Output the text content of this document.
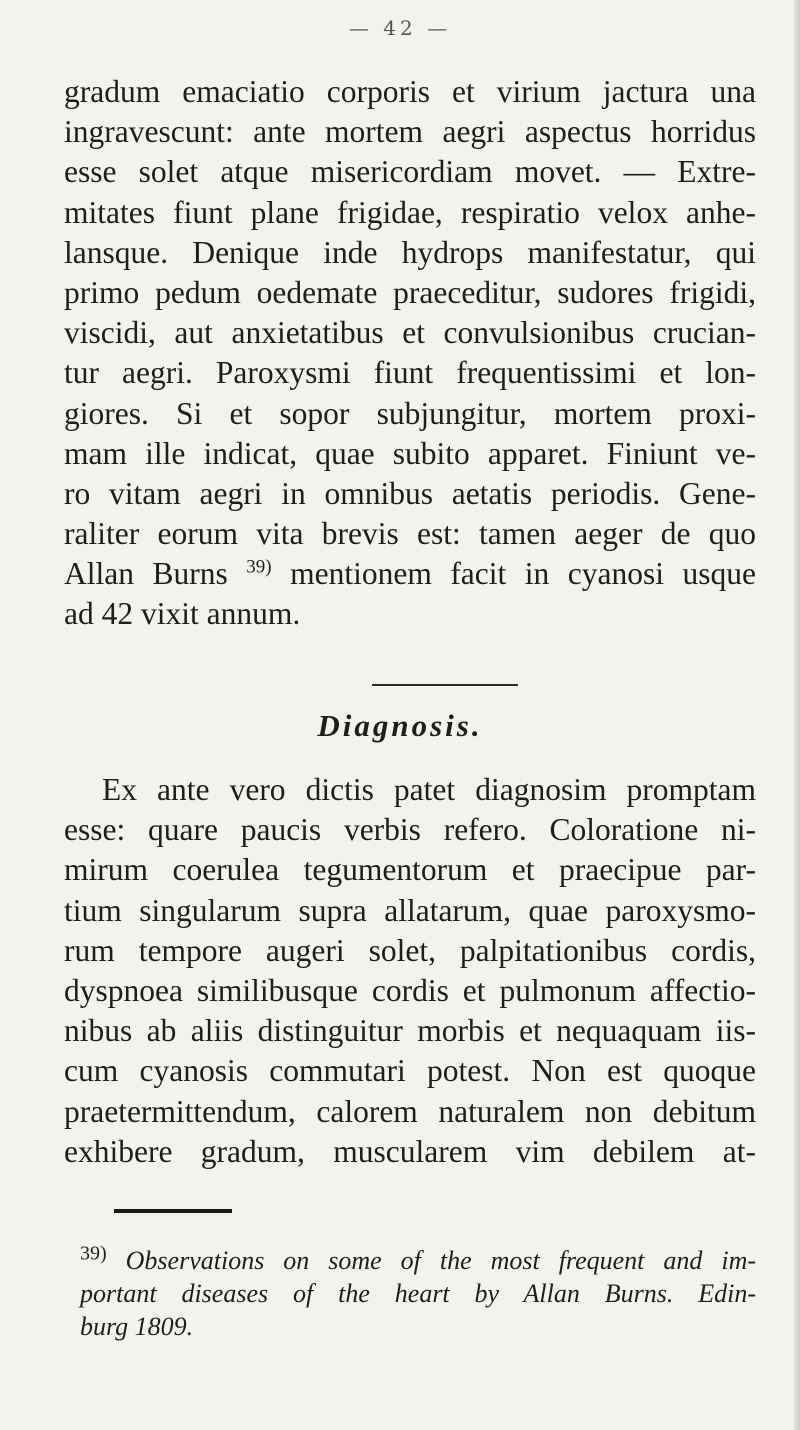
— 42 —
gradum emaciatio corporis et virium jactura una
ingravescunt: ante mortem aegri aspectus horridus
esse solet atque misericordiam movet. — Extre-
mitates fiunt plane frigidae, respiratio velox anhe-
lansque. Denique inde hydrops manifestatur, qui
primo pedum oedemate praeceditur, sudores frigidi,
viscidi, aut anxietatibus et convulsionibus crucian-
tur aegri. Paroxysmi fiunt frequentissimi et lon-
giores. Si et sopor subjungitur, mortem proxi-
mam ille indicat, quae subito apparet. Finiunt ve-
ro vitam aegri in omnibus aetatis periodis. Gene-
raliter eorum vita brevis est: tamen aeger de quo
Allan Burns $^{39)}$ mentionem facit in cyanosi usque
ad 42 vixit annum.
Diagnosis.
Ex ante vero dictis patet diagnosim promptam
esse: quare paucis verbis refero. Coloratione ni-
mirum coerulea tegumentorum et praecipue par-
tium singularum supra allatarum, quae paroxysmo-
rum tempore augeri solet, palpitationibus cordis,
dyspnoea similibusque cordis et pulmonum affectio-
nibus ab aliis distinguitur morbis et nequaquam iis-
cum cyanosis commutari potest. Non est quoque
praetermittendum, calorem naturalem non debitum
exhibere gradum, muscularem vim debilem at-
$^{39)}$ Observations on some of the most frequent and im-
portant diseases of the heart by Allan Burns. Edin-
burg 1809.
